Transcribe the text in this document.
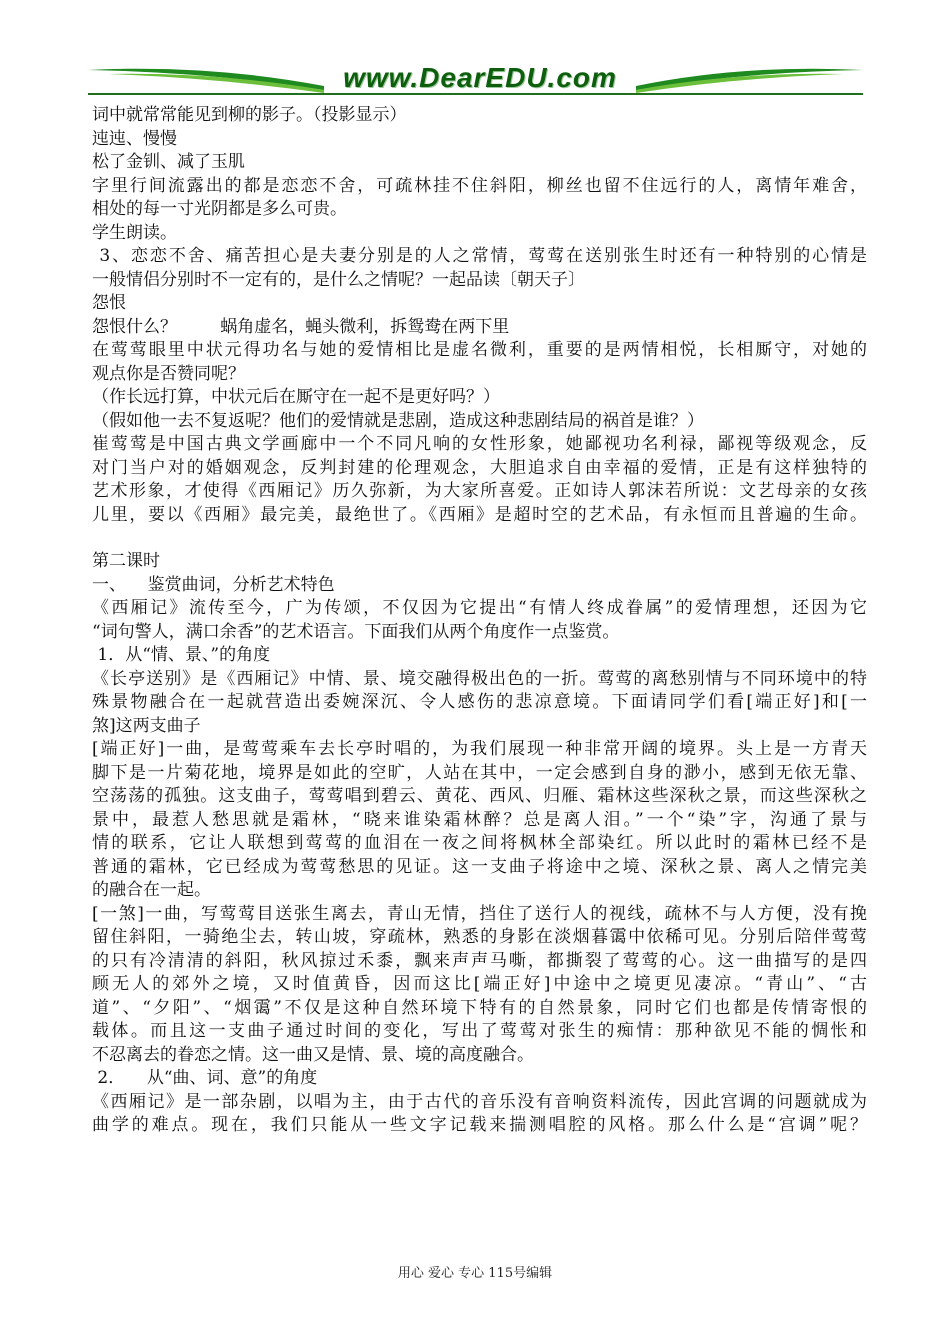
www.DearEDU.com
词中就常常能见到柳的影子。（投影显示）
迍迍、慢慢
松了金钏、减了玉肌
字里行间流露出的都是恋恋不舍，可疏林挂不住斜阳，柳丝也留不住远行的人，离情年难舍，
相处的每一寸光阴都是多么可贵。
学生朗读。
3、恋恋不舍、痛苦担心是夫妻分别是的人之常情，莺莺在送别张生时还有一种特别的心情是
一般情侣分别时不一定有的，是什么之情呢？一起品读〔朝天子〕
怨恨
怨恨什么？        蜗角虚名，蝇头微利，拆鸳鸯在两下里
在莺莺眼里中状元得功名与她的爱情相比是虚名微利，重要的是两情相悦，长相厮守，对她的
观点你是否赞同呢？
（作长远打算，中状元后在厮守在一起不是更好吗？）
（假如他一去不复返呢？他们的爱情就是悲剧，造成这种悲剧结局的祸首是谁？）
崔莺莺是中国古典文学画廊中一个不同凡响的女性形象，她鄙视功名利禄，鄙视等级观念，反
对门当户对的婚姻观念，反判封建的伦理观念，大胆追求自由幸福的爱情，正是有这样独特的
艺术形象，才使得《西厢记》历久弥新，为大家所喜爱。正如诗人郭沫若所说：文艺母亲的女孩
儿里，要以《西厢》最完美，最绝世了。《西厢》是超时空的艺术品，有永恒而且普遍的生命。
第二课时
一、    鉴赏曲词，分析艺术特色
《西厢记》流传至今，广为传颂，不仅因为它提出“有情人终成眷属”的爱情理想，还因为它
“词句警人，满口余香”的艺术语言。下面我们从两个角度作一点鉴赏。
1．从“情、景、”的角度
《长亭送别》是《西厢记》中情、景、境交融得极出色的一折。莺莺的离愁别情与不同环境中的特
殊景物融合在一起就营造出委婉深沉、令人感伤的悲凉意境。下面请同学们看[端正好]和[一
煞]这两支曲子
[端正好]一曲，是莺莺乘车去长亭时唱的，为我们展现一种非常开阔的境界。头上是一方青天
脚下是一片菊花地，境界是如此的空旷，人站在其中，一定会感到自身的渺小，感到无依无靠、
空荡荡的孤独。这支曲子，莺莺唱到碧云、黄花、西风、归雁、霜林这些深秋之景，而这些深秋之
景中，最惹人愁思就是霜林，“晓来谁染霜林醉？总是离人泪。”一个“染”字，沟通了景与
情的联系，它让人联想到莺莺的血泪在一夜之间将枫林全部染红。所以此时的霜林已经不是
普通的霜林，它已经成为莺莺愁思的见证。这一支曲子将途中之境、深秋之景、离人之情完美
的融合在一起。
[一煞]一曲，写莺莺目送张生离去，青山无情，挡住了送行人的视线，疏林不与人方便，没有挽
留住斜阳，一骑绝尘去，转山坡，穿疏林，熟悉的身影在淡烟暮霭中依稀可见。分别后陪伴莺莺
的只有冷清清的斜阳，秋风掠过禾黍，飘来声声马嘶，都撕裂了莺莺的心。这一曲描写的是四
顾无人的郊外之境，又时值黄昏，因而这比[端正好]中途中之境更见凄凉。“青山”、“古
道”、“夕阳”、“烟霭”不仅是这种自然环境下特有的自然景象，同时它们也都是传情寄恨的
载体。而且这一支曲子通过时间的变化，写出了莺莺对张生的痴情：那种欲见不能的惆怅和
不忍离去的眷恋之情。这一曲又是情、景、境的高度融合。
2．    从“曲、词、意”的角度
《西厢记》是一部杂剧，以唱为主，由于古代的音乐没有音响资料流传，因此宫调的问题就成为
曲学的难点。现在，我们只能从一些文字记载来揣测唱腔的风格。那么什么是“宫调”呢？
用心 爱心 专心 115号编辑
